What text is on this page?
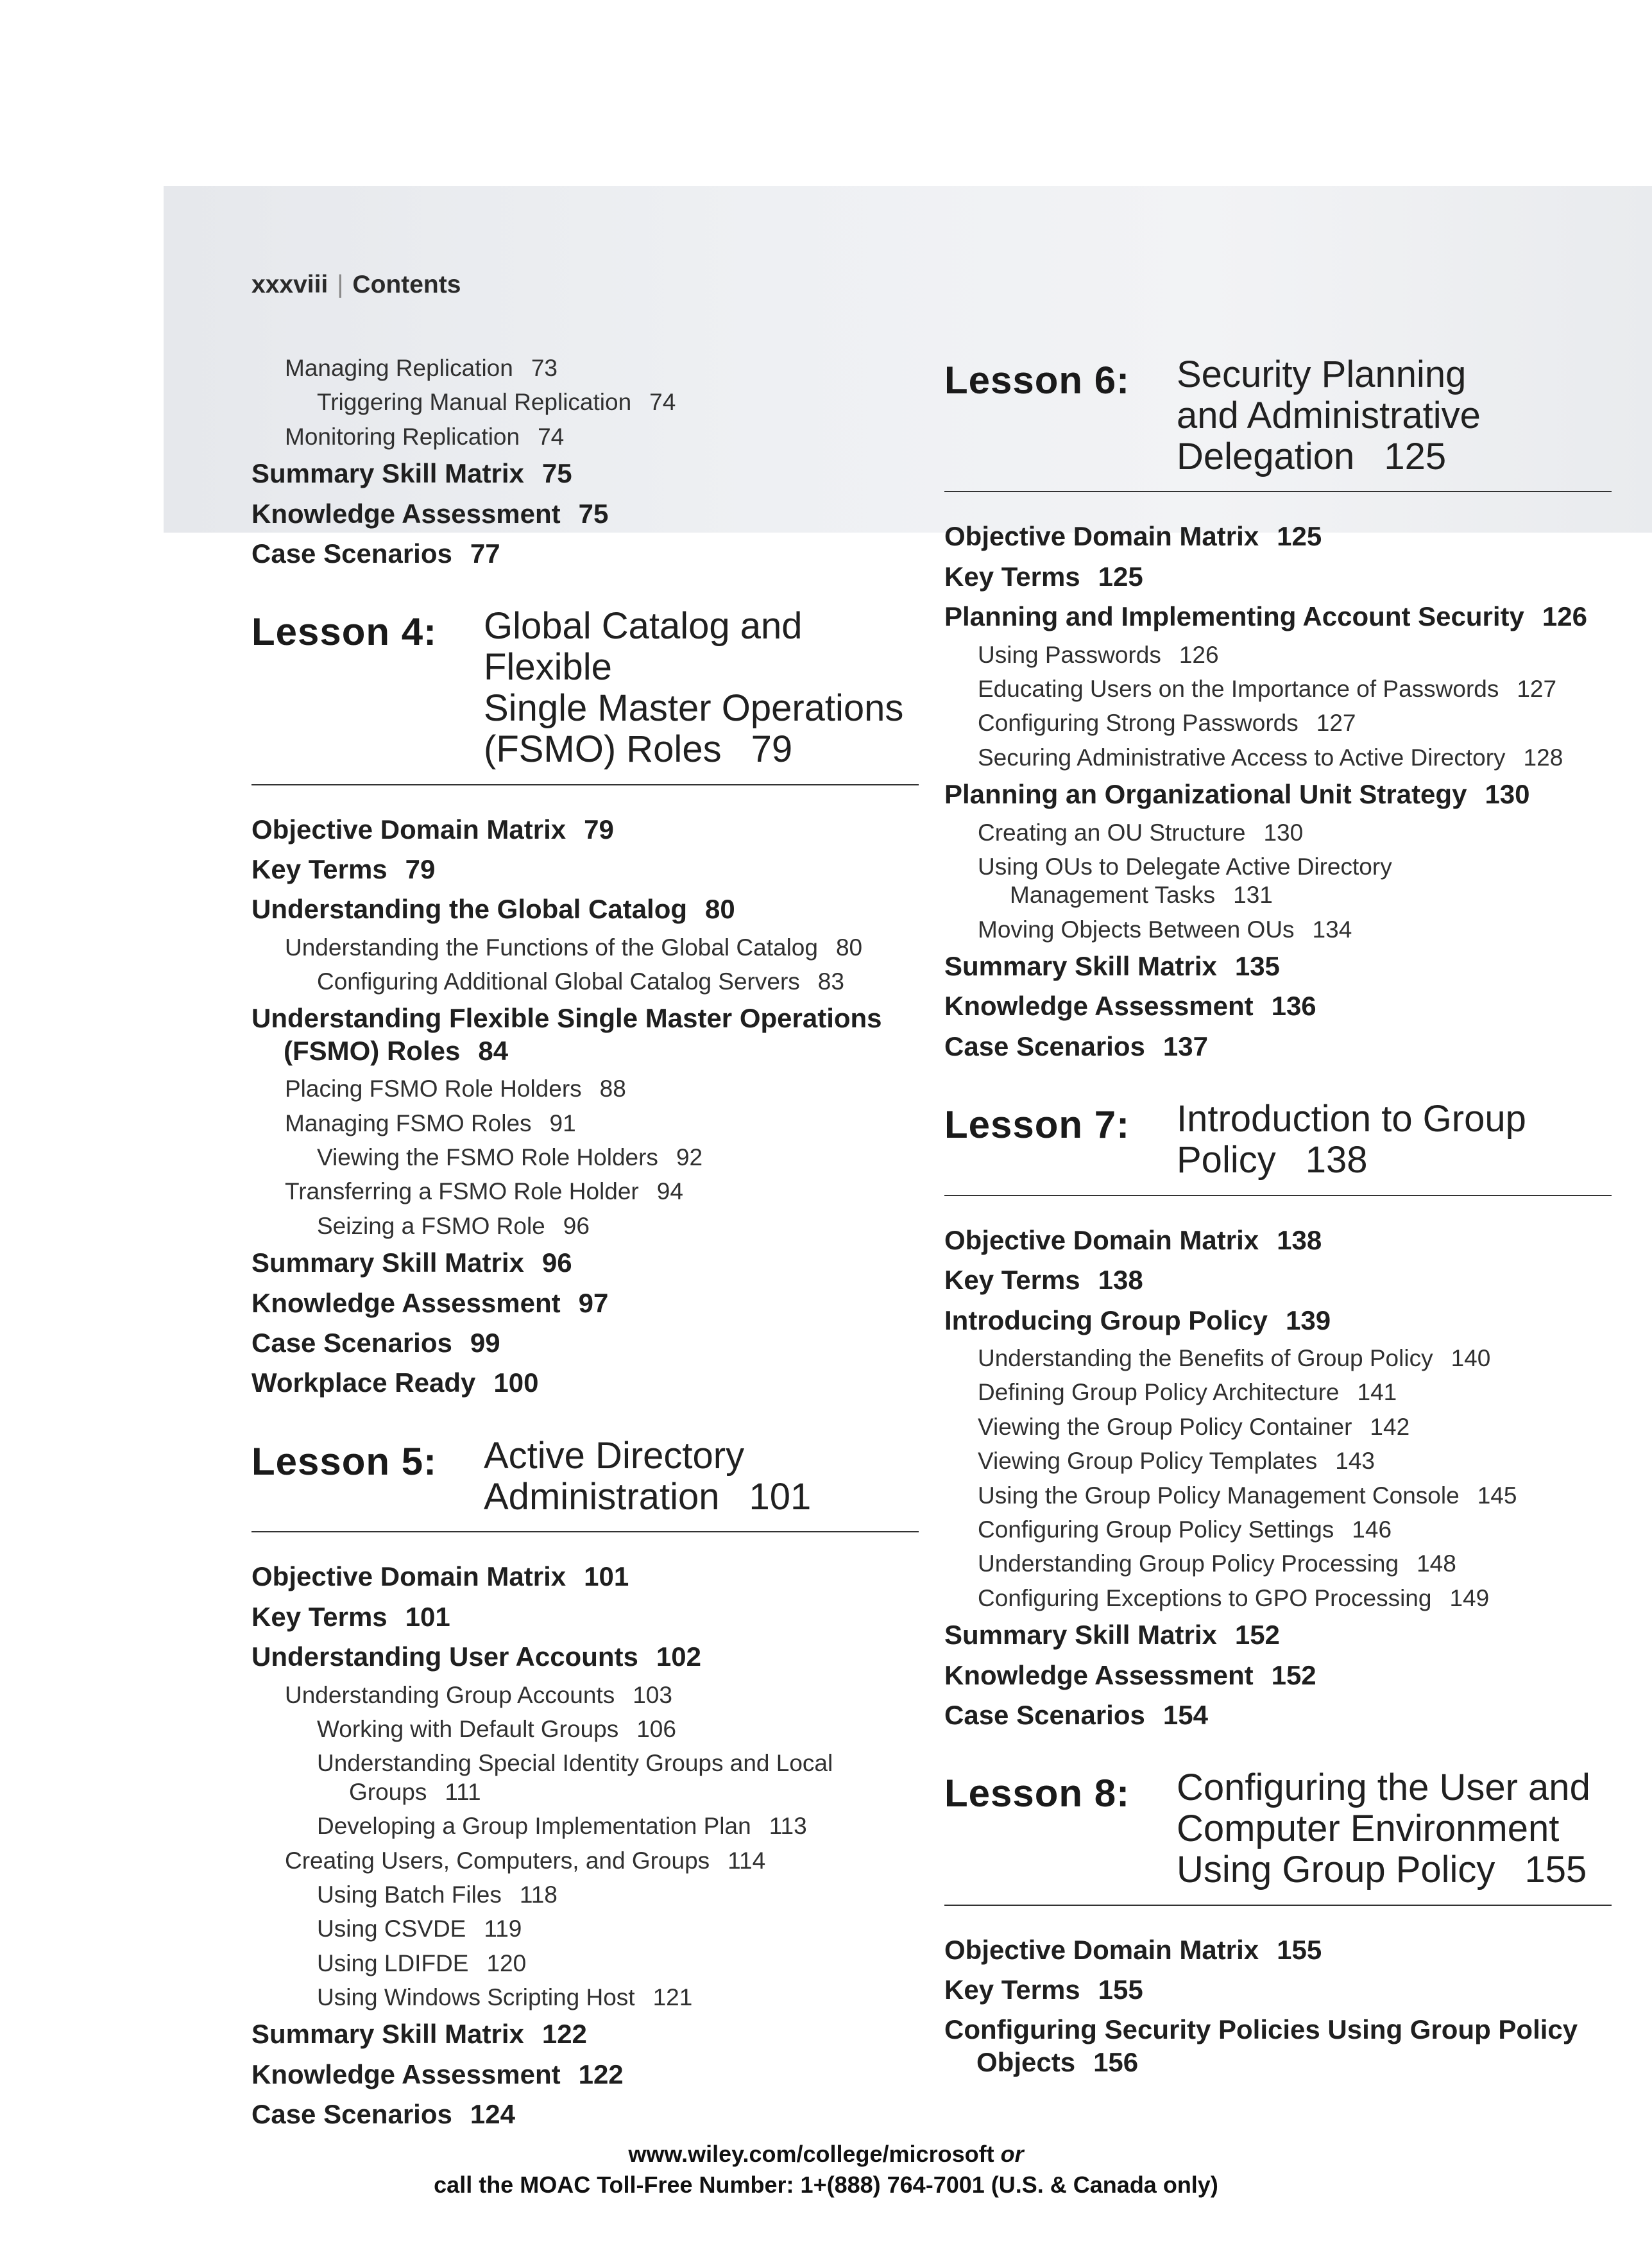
xxxviii | Contents
Managing Replication 73
Triggering Manual Replication 74
Monitoring Replication 74
Summary Skill Matrix 75
Knowledge Assessment 75
Case Scenarios 77
Lesson 4:	Global Catalog and Flexible
Single Master Operations
(FSMO) Roles 79
Objective Domain Matrix 79
Key Terms 79
Understanding the Global Catalog 80
Understanding the Functions of the Global Catalog 80
Configuring Additional Global Catalog Servers 83
Understanding Flexible Single Master Operations
(FSMO) Roles 84
Placing FSMO Role Holders 88
Managing FSMO Roles 91
Viewing the FSMO Role Holders 92
Transferring a FSMO Role Holder 94
Seizing a FSMO Role 96
Summary Skill Matrix 96
Knowledge Assessment 97
Case Scenarios 99
Workplace Ready 100
Lesson 5:	Active Directory
Administration 101
Objective Domain Matrix 101
Key Terms 101
Understanding User Accounts 102
Understanding Group Accounts 103
Working with Default Groups 106
Understanding Special Identity Groups and Local
Groups 111
Developing a Group Implementation Plan 113
Creating Users, Computers, and Groups 114
Using Batch Files 118
Using CSVDE 119
Using LDIFDE 120
Using Windows Scripting Host 121
Summary Skill Matrix 122
Knowledge Assessment 122
Case Scenarios 124
Lesson 6:	Security Planning
and Administrative
Delegation 125
Objective Domain Matrix 125
Key Terms 125
Planning and Implementing Account Security 126
Using Passwords 126
Educating Users on the Importance of Passwords 127
Configuring Strong Passwords 127
Securing Administrative Access to Active Directory 128
Planning an Organizational Unit Strategy 130
Creating an OU Structure 130
Using OUs to Delegate Active Directory
Management Tasks 131
Moving Objects Between OUs 134
Summary Skill Matrix 135
Knowledge Assessment 136
Case Scenarios 137
Lesson 7:	Introduction to Group
Policy 138
Objective Domain Matrix 138
Key Terms 138
Introducing Group Policy 139
Understanding the Benefits of Group Policy 140
Defining Group Policy Architecture 141
Viewing the Group Policy Container 142
Viewing Group Policy Templates 143
Using the Group Policy Management Console 145
Configuring Group Policy Settings 146
Understanding Group Policy Processing 148
Configuring Exceptions to GPO Processing 149
Summary Skill Matrix 152
Knowledge Assessment 152
Case Scenarios 154
Lesson 8:	Configuring the User and
Computer Environment
Using Group Policy 155
Objective Domain Matrix 155
Key Terms 155
Configuring Security Policies Using Group Policy
Objects 156
www.wiley.com/college/microsoft or
call the MOAC Toll-Free Number: 1+(888) 764-7001 (U.S. & Canada only)
